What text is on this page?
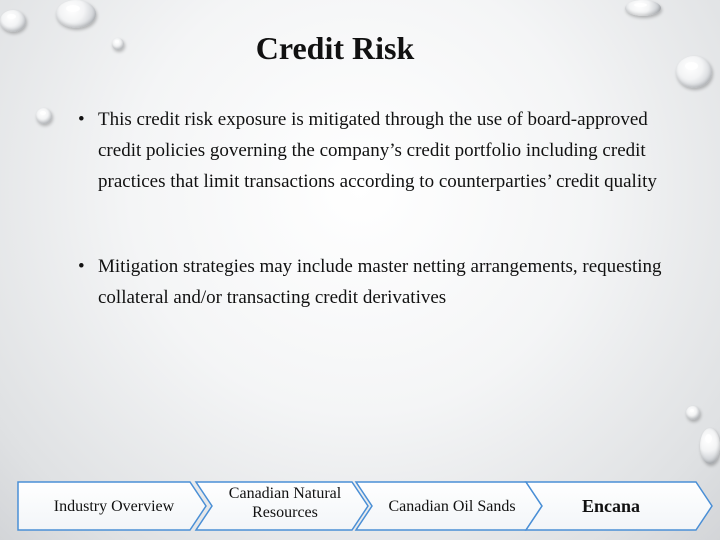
Credit Risk
• This credit risk exposure is mitigated through the use of board-approved credit policies governing the company’s credit portfolio including credit practices that limit transactions according to counterparties’ credit quality
• Mitigation strategies may include master netting arrangements, requesting collateral and/or transacting credit derivatives
Industry Overview
Canadian Natural
Resources	Canadian Oil Sands	Encana
